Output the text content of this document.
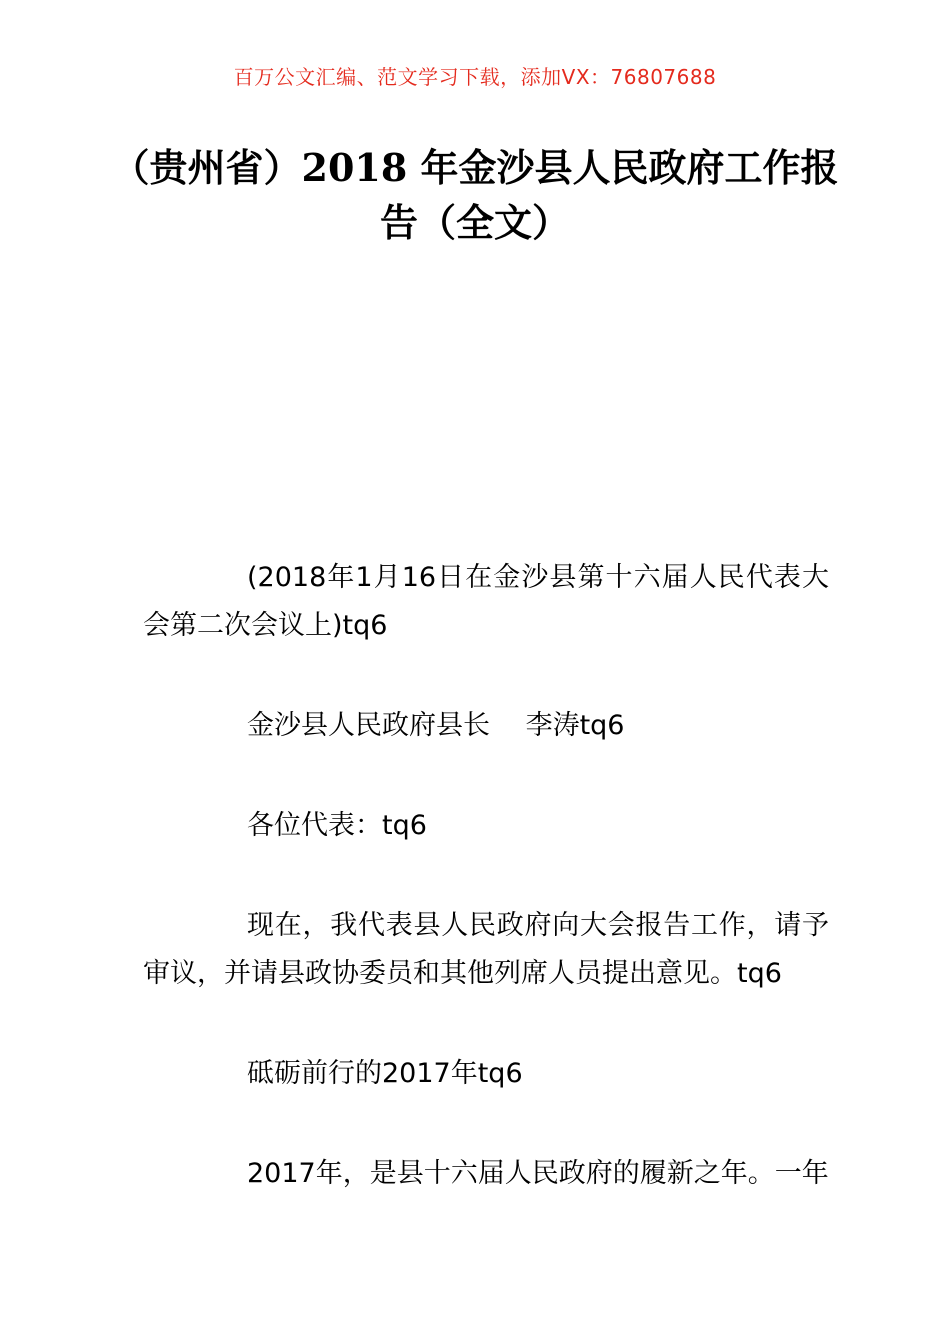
百万公文汇编、范文学习下载，添加VX：76807688
（贵州省）2018 年金沙县人民政府工作报
告（全文）

(2018年1月16日在金沙县第十六届人民代表大会第二次会议上)tq6

金沙县人民政府县长　 李涛tq6

各位代表：tq6

现在，我代表县人民政府向大会报告工作，请予审议，并请县政协委员和其他列席人员提出意见。tq6

砥砺前行的2017年tq6

2017年，是县十六届人民政府的履新之年。一年
